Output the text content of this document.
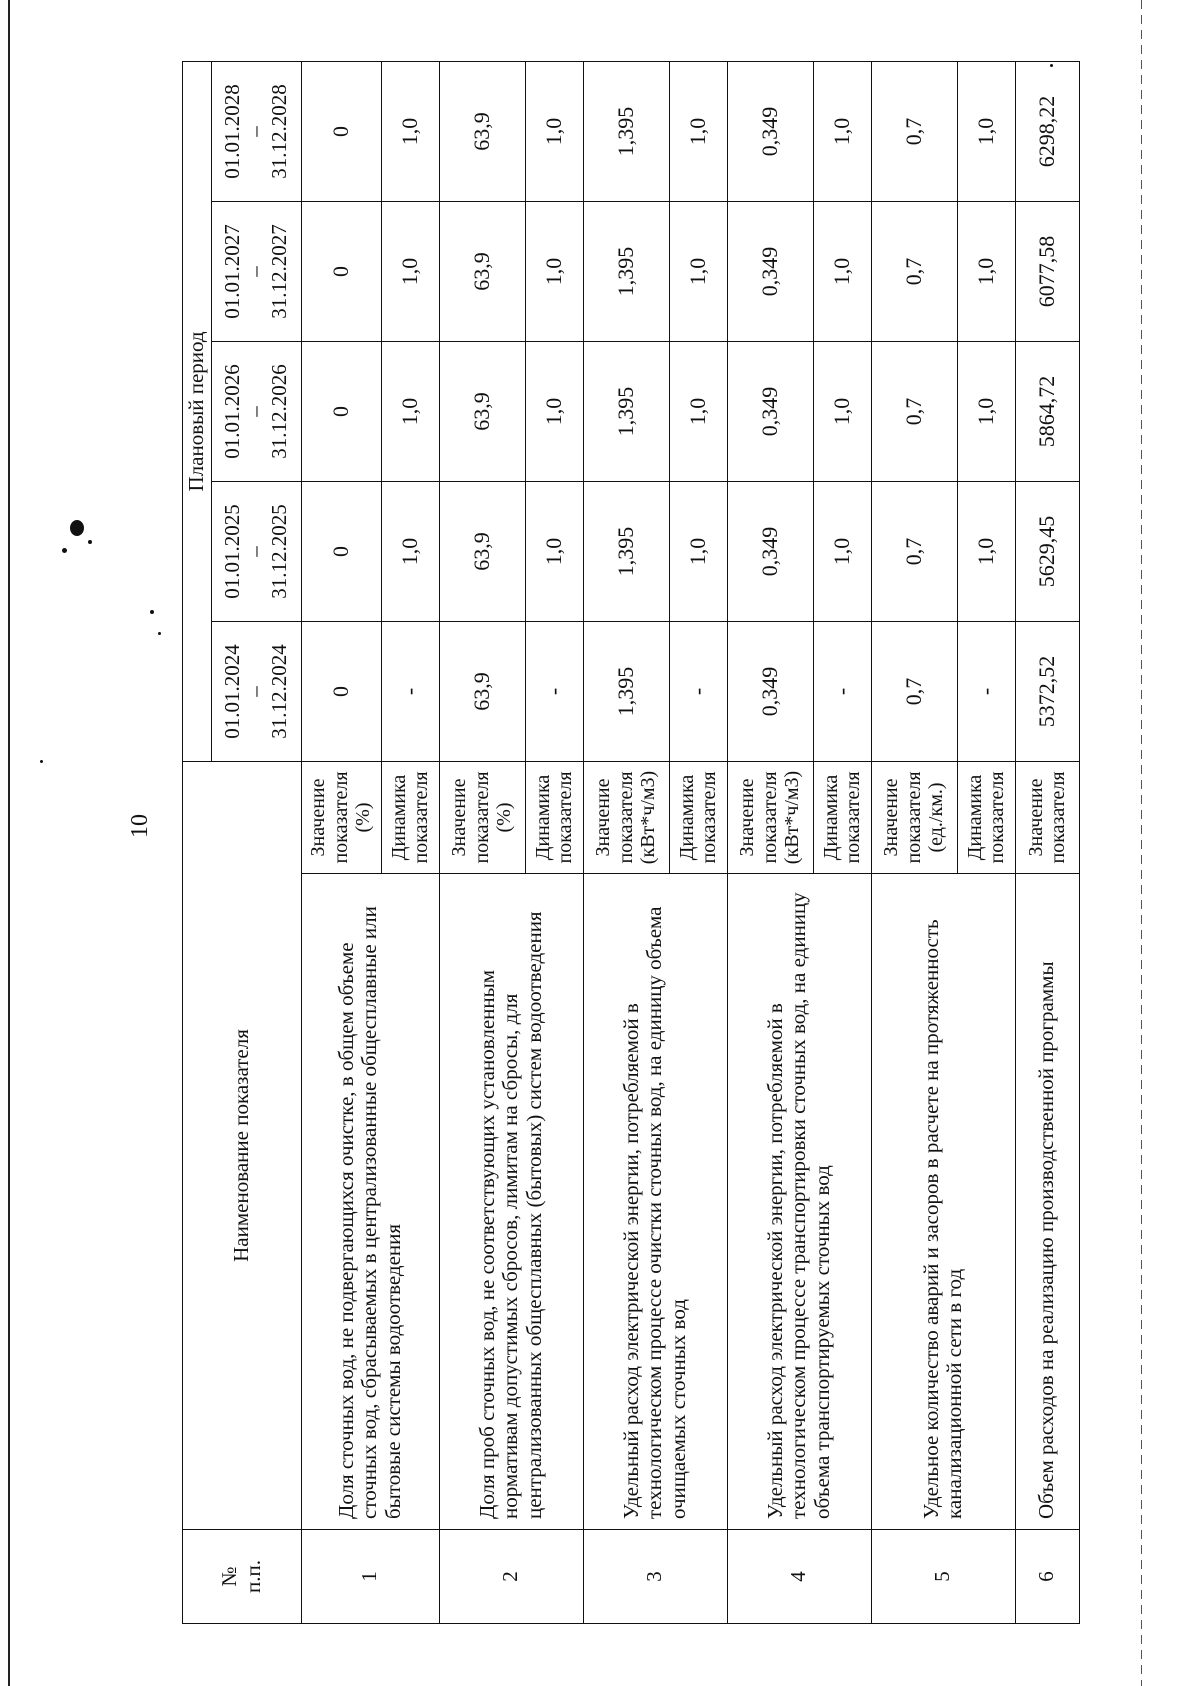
10
№
п.п.	Наименование показателя		Плановый период				

			01.01.2024 – 31.12.2024	01.01.2025 – 31.12.2025	01.01.2026 – 31.12.2026	01.01.2027 – 31.12.2027	01.01.2028 – 31.12.2028

1	Доля сточных вод, не подвергающихся очистке, в общем объеме сточных вод, сбрасываемых в централизованные общесплавные или бытовые системы водоотведения	Значение показателя (%)	0	0	0	0	0
		Динамика показателя	-	1,0	1,0	1,0	1,0
2	Доля проб сточных вод, не соответствующих установленным нормативам допустимых сбросов, лимитам на сбросы, для централизованных общесплавных (бытовых) систем водоотведения	Значение показателя (%)	63,9	63,9	63,9	63,9	63,9
		Динамика показателя	-	1,0	1,0	1,0	1,0
3	Удельный расход электрической энергии, потребляемой в технологическом процессе очистки сточных вод, на единицу объема очищаемых сточных вод	Значение показателя (кВт*ч/м3)	1,395	1,395	1,395	1,395	1,395
		Динамика показателя	-	1,0	1,0	1,0	1,0
4	Удельный расход электрической энергии, потребляемой в технологическом процессе транспортировки сточных вод, на единицу объема транспортируемых сточных вод	Значение показателя (кВт*ч/м3)	0,349	0,349	0,349	0,349	0,349
		Динамика показателя	-	1,0	1,0	1,0	1,0
5	Удельное количество аварий и засоров в расчете на протяженность канализационной сети в год	Значение показателя (ед./км.)	0,7	0,7	0,7	0,7	0,7
		Динамика показателя	-	1,0	1,0	1,0	1,0
6	Объем расходов на реализацию производственной программы	Значение показателя	5372,52	5629,45	5864,72	6077,58	6298,22
